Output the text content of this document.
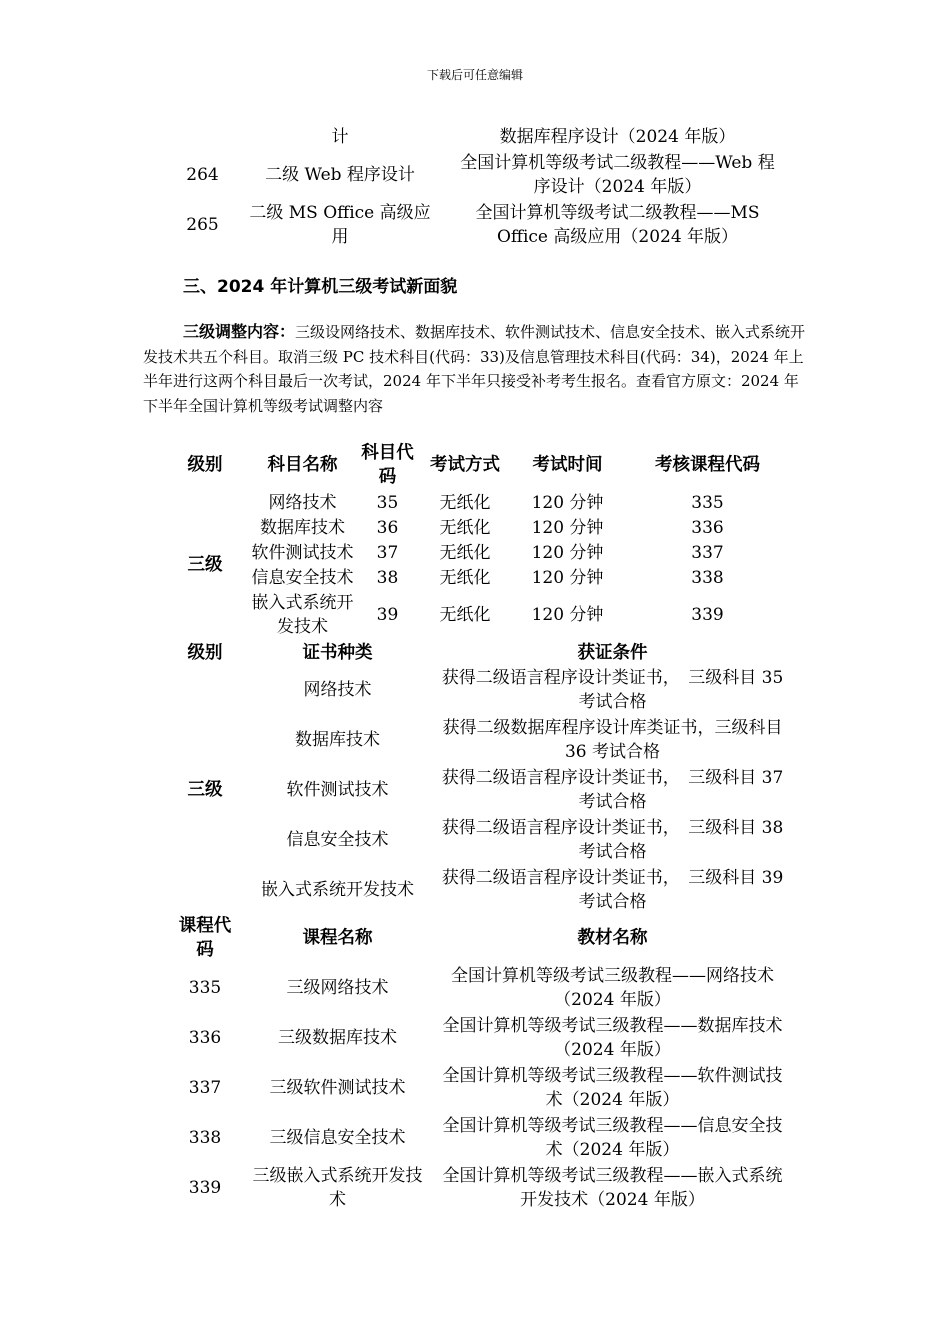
下载后可任意编辑
	计	数据库程序设计（2024 年版）
264	二级 Web 程序设计	全国计算机等级考试二级教程——Web 程序设计（2024 年版）
265	二级 MS Office 高级应用	全国计算机等级考试二级教程——MS Office 高级应用（2024 年版）
三、2024 年计算机三级考试新面貌
三级调整内容：三级设网络技术、数据库技术、软件测试技术、信息安全技术、嵌入式系统开发技术共五个科目。取消三级 PC 技术科目(代码：33)及信息管理技术科目(代码：34)，2024 年上半年进行这两个科目最后一次考试，2024 年下半年只接受补考考生报名。查看官方原文：2024 年下半年全国计算机等级考试调整内容
级别	科目名称	科目代码	考试方式	考试时间	考核课程代码
三级	网络技术	35	无纸化	120 分钟	335
	数据库技术	36	无纸化	120 分钟	336
	软件测试技术	37	无纸化	120 分钟	337
	信息安全技术	38	无纸化	120 分钟	338
	嵌入式系统开发技术	39	无纸化	120 分钟	339
级别	证书种类	获证条件
三级	网络技术	获得二级语言程序设计类证书，　三级科目 35 考试合格
	数据库技术	获得二级数据库程序设计库类证书，三级科目 36 考试合格
	软件测试技术	获得二级语言程序设计类证书，　三级科目 37 考试合格
	信息安全技术	获得二级语言程序设计类证书，　三级科目 38 考试合格
	嵌入式系统开发技术	获得二级语言程序设计类证书，　三级科目 39 考试合格
课程代码	课程名称	教材名称
335	三级网络技术	全国计算机等级考试三级教程——网络技术（2024 年版）
336	三级数据库技术	全国计算机等级考试三级教程——数据库技术（2024 年版）
337	三级软件测试技术	全国计算机等级考试三级教程——软件测试技术（2024 年版）
338	三级信息安全技术	全国计算机等级考试三级教程——信息安全技术（2024 年版）
339	三级嵌入式系统开发技术	全国计算机等级考试三级教程——嵌入式系统开发技术（2024 年版）
